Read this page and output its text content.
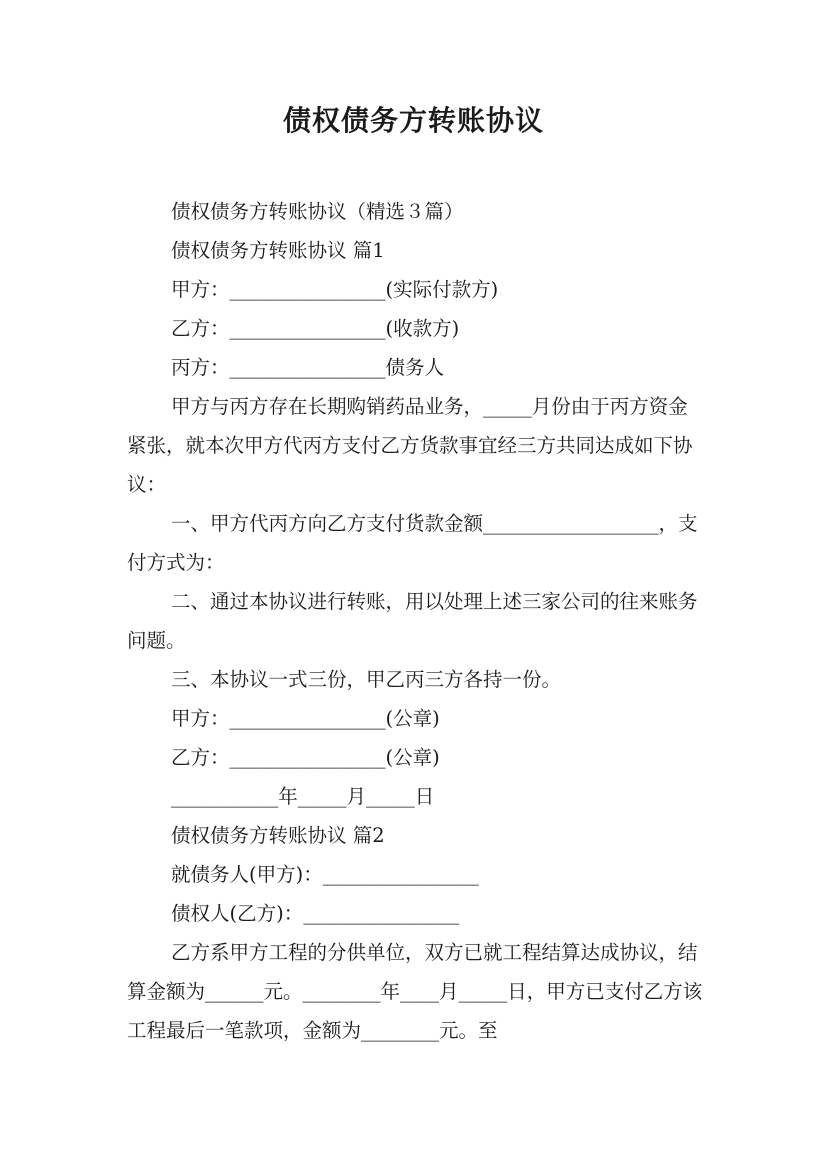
债权债务方转账协议

债权债务方转账协议（精选３篇）

债权债务方转账协议 篇1

甲方：________________(实际付款方)

乙方：________________(收款方)

丙方：________________债务人

甲方与丙方存在长期购销药品业务，_____月份由于丙方资金紧张，就本次甲方代丙方支付乙方货款事宜经三方共同达成如下协议：

一、甲方代丙方向乙方支付货款金额__________________，支付方式为：

二、通过本协议进行转账，用以处理上述三家公司的往来账务问题。

三、本协议一式三份，甲乙丙三方各持一份。

甲方：________________(公章)

乙方：________________(公章)

___________年_____月_____日

债权债务方转账协议 篇2

就债务人(甲方)：________________

债权人(乙方)：________________

乙方系甲方工程的分供单位，双方已就工程结算达成协议，结算金额为______元。________年____月_____日，甲方已支付乙方该工程最后一笔款项，金额为________元。至
